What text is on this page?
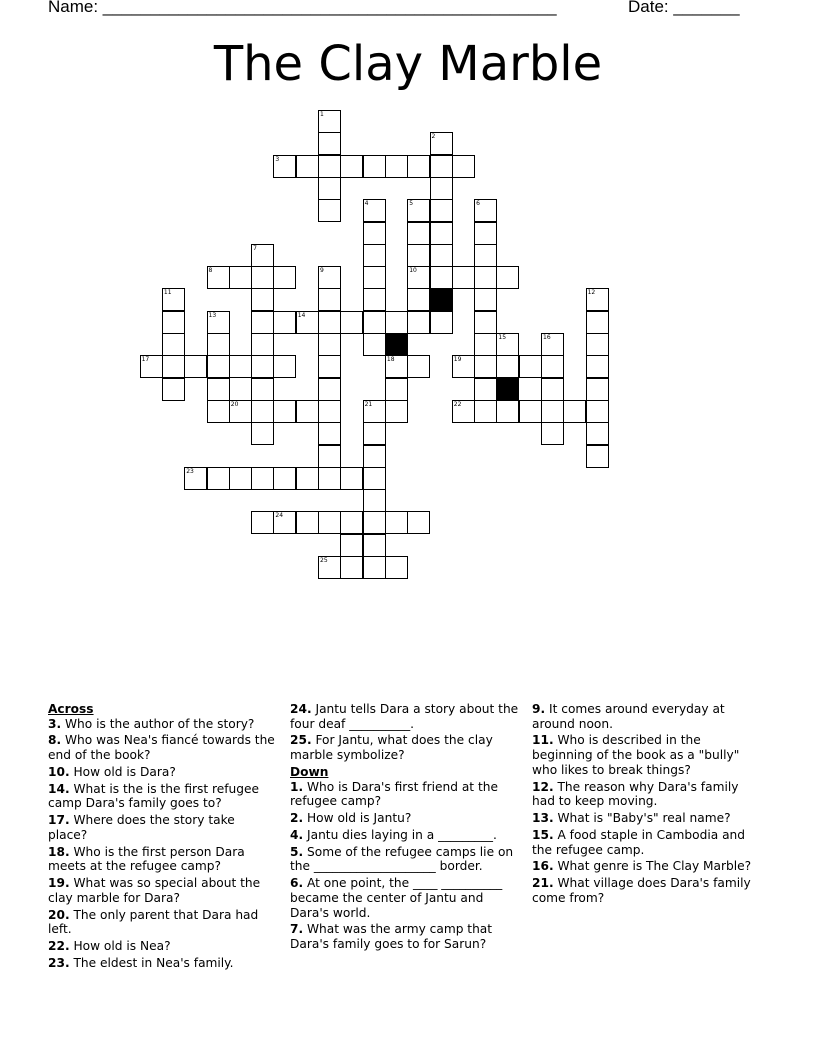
Name: ________________________________________________	Date: _______
The Clay Marble
1
2
3
4	5	6
7
8	9	10
11	12
13	14
15	16
17	18	19
20	21	22
23
24
25
Across
3. Who is the author of the story?
8. Who was Nea's fiancé towards the end of the book?
10. How old is Dara?
14. What is the is the first refugee camp Dara's family goes to?
17. Where does the story take place?
18. Who is the first person Dara meets at the refugee camp?
19. What was so special about the clay marble for Dara?
20. The only parent that Dara had left.
22. How old is Nea?
23. The eldest in Nea's family.
24. Jantu tells Dara a story about the four deaf __________.
25. For Jantu, what does the clay marble symbolize?
Down
1. Who is Dara's first friend at the refugee camp?
2. How old is Jantu?
4. Jantu dies laying in a _________.
5. Some of the refugee camps lie on the ____________________ border.
6. At one point, the ____ __________ became the center of Jantu and Dara's world.
7. What was the army camp that Dara's family goes to for Sarun?
9. It comes around everyday at around noon.
11. Who is described in the beginning of the book as a "bully" who likes to break things?
12. The reason why Dara's family had to keep moving.
13. What is "Baby's" real name?
15. A food staple in Cambodia and the refugee camp.
16. What genre is The Clay Marble?
21. What village does Dara's family come from?
